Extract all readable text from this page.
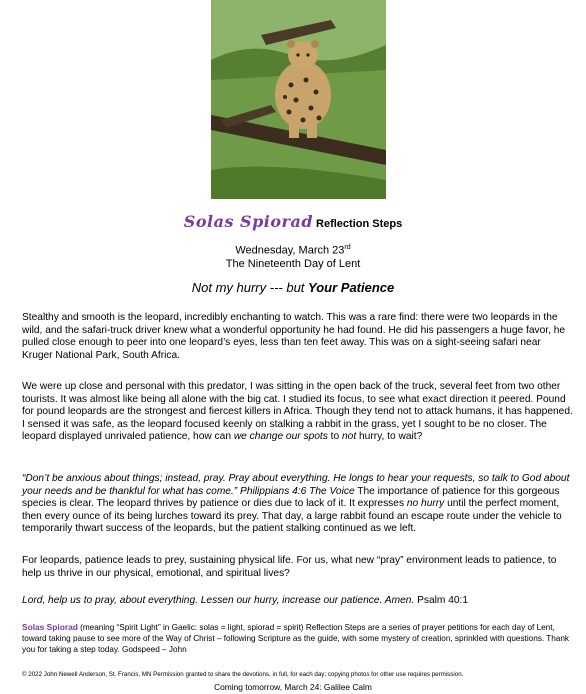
Solas Spiorad Reflection Steps
Wednesday, March 23rd
The Nineteenth Day of Lent
Not my hurry --- but Your Patience

Stealthy and smooth is the leopard, incredibly enchanting to watch. This was a rare find: there were two leopards in the wild, and the safari-truck driver knew what a wonderful opportunity he had found. He did his passengers a huge favor, he pulled close enough to peer into one leopard’s eyes, less than ten feet away. This was on a sight-seeing safari near Kruger National Park, South Africa.

We were up close and personal with this predator, I was sitting in the open back of the truck, several feet from two other tourists. It was almost like being all alone with the big cat. I studied its focus, to see what exact direction it peered. Pound for pound leopards are the strongest and fiercest killers in Africa. Though they tend not to attack humans, it has happened. I sensed it was safe, as the leopard focused keenly on stalking a rabbit in the grass, yet I sought to be no closer. The leopard displayed unrivaled patience, how can we change our spots to not hurry, to wait?

“Don’t be anxious about things; instead, pray. Pray about everything. He longs to hear your requests, so talk to God about your needs and be thankful for what has come.” Philippians 4:6 The Voice The importance of patience for this gorgeous species is clear. The leopard thrives by patience or dies due to lack of it. It expresses no hurry until the perfect moment, then every ounce of its being lurches toward its prey. That day, a large rabbit found an escape route under the vehicle to temporarily thwart success of the leopards, but the patient stalking continued as we left.

For leopards, patience leads to prey, sustaining physical life. For us, what new “pray” environment leads to patience, to help us thrive in our physical, emotional, and spiritual lives?

Lord, help us to pray, about everything. Lessen our hurry, increase our patience. Amen. Psalm 40:1

Solas Spiorad (meaning “Spirit Light” in Gaelic: solas = light, spiorad = spirit) Reflection Steps are a series of prayer petitions for each day of Lent, toward taking pause to see more of the Way of Christ – following Scripture as the guide, with some mystery of creation, sprinkled with questions. Thank you for taking a step today. Godspeed – John

© 2022 John Newell Anderson, St. Francis, MN Permission granted to share the devotions, in full, for each day; copying photos for other use requires permission.
Coming tomorrow, March 24: Galilee Calm
